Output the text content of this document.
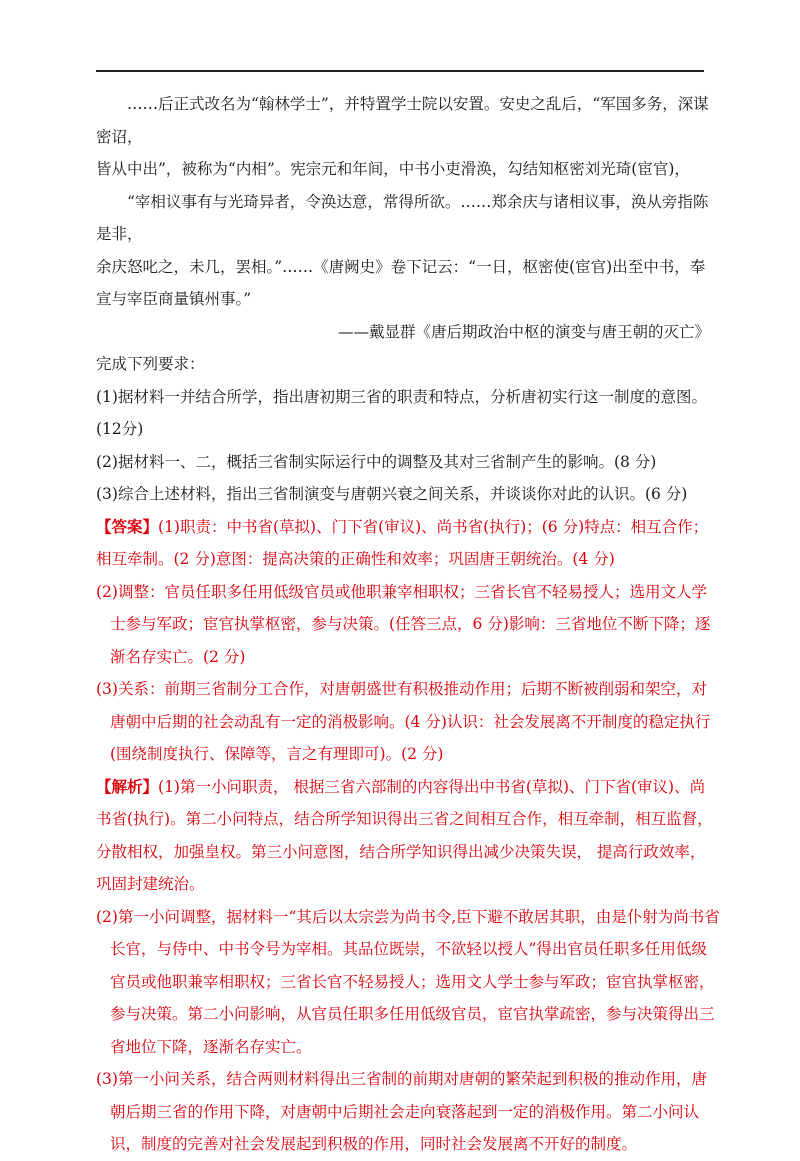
……后正式改名为“翰林学士”，并特置学士院以安置。安史之乱后，“军国多务，深谋密诏，

皆从中出”，被称为“内相”。宪宗元和年间，中书小吏滑涣，勾结知枢密刘光琦(宦官)，

“宰相议事有与光琦异者，令涣达意，常得所欲。……郑余庆与诸相议事，涣从旁指陈是非，

余庆怒叱之，未几，罢相。”……《唐阙史》卷下记云：“一日，枢密使(宦官)出至中书，奉

宣与宰臣商量镇州事。”

——戴显群《唐后期政治中枢的演变与唐王朝的灭亡》

完成下列要求：

(1)据材料一并结合所学，指出唐初期三省的职责和特点，分析唐初实行这一制度的意图。 (12分)

(2)据材料一、二，概括三省制实际运行中的调整及其对三省制产生的影响。(8 分)

(3)综合上述材料，指出三省制演变与唐朝兴衰之间关系，并谈谈你对此的认识。(6 分)

【答案】(1)职责：中书省(草拟)、门下省(审议)、尚书省(执行)；(6 分)特点：相互合作；相互牵制。(2 分)意图：提高决策的正确性和效率；巩固唐王朝统治。(4 分)

(2)调整：官员任职多任用低级官员或他职兼宰相职权；三省长官不轻易授人；选用文人学士参与军政；宦官执掌枢密，参与决策。(任答三点，6 分)影响：三省地位不断下降；逐渐名存实亡。(2 分)

(3)关系：前期三省制分工合作，对唐朝盛世有积极推动作用；后期不断被削弱和架空，对唐朝中后期的社会动乱有一定的消极影响。(4 分)认识：社会发展离不开制度的稳定执行(围绕制度执行、保障等，言之有理即可)。(2 分)

【解析】(1)第一小问职责， 根据三省六部制的内容得出中书省(草拟)、门下省(审议)、尚书省(执行)。第二小问特点，结合所学知识得出三省之间相互合作，相互牵制，相互监督，分散相权，加强皇权。第三小问意图，结合所学知识得出减少决策失误， 提高行政效率，巩固封建统治。

(2)第一小问调整，据材料一“其后以太宗尝为尚书令,臣下避不敢居其职，由是仆射为尚书省长官，与侍中、中书令号为宰相。其品位既崇，不欲轻以授人”得出官员任职多任用低级官员或他职兼宰相职权；三省长官不轻易授人；选用文人学士参与军政；宦官执掌枢密，参与决策。第二小问影响，从官员任职多任用低级官员，宦官执掌疏密，参与决策得出三省地位下降，逐渐名存实亡。

(3)第一小问关系，结合两则材料得出三省制的前期对唐朝的繁荣起到积极的推动作用，唐朝后期三省的作用下降，对唐朝中后期社会走向衰落起到一定的消极作用。第二小问认识，制度的完善对社会发展起到积极的作用，同时社会发展离不开好的制度。
